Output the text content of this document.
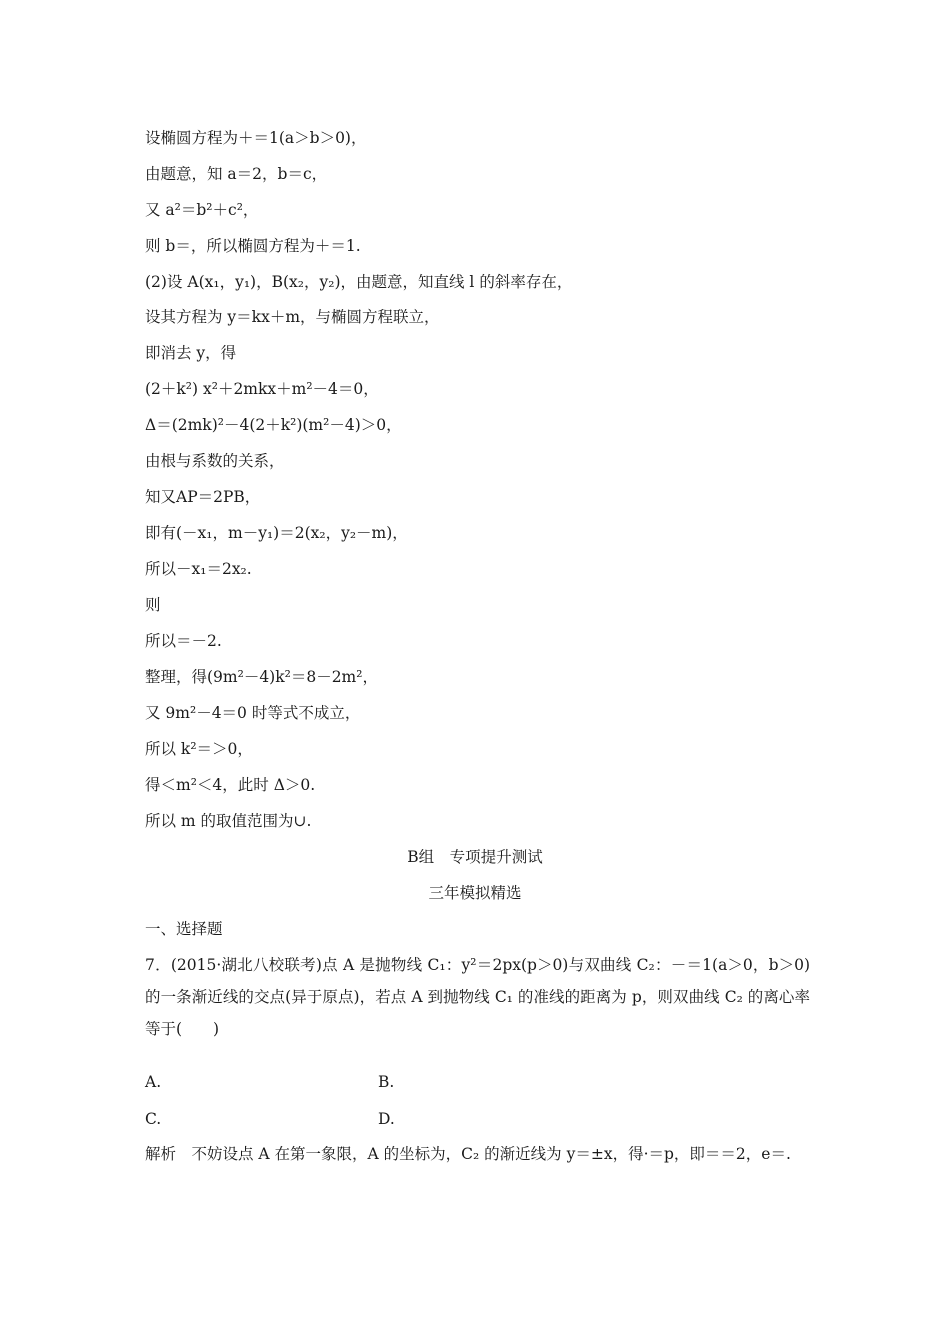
设椭圆方程为＋＝1(a＞b＞0)，
由题意，知 a＝2，b＝c，
又 a²＝b²＋c²，
则 b＝，所以椭圆方程为＋＝1.
(2)设 A(x₁，y₁)，B(x₂，y₂)，由题意，知直线 l 的斜率存在，
设其方程为 y＝kx＋m，与椭圆方程联立，
即消去 y，得
(2＋k²) x²＋2mkx＋m²－4＝0，
Δ＝(2mk)²－4(2＋k²)(m²－4)＞0，
由根与系数的关系，
知又AP＝2PB，
即有(－x₁，m－y₁)＝2(x₂，y₂－m)，
所以－x₁＝2x₂.
则
所以＝－2.
整理，得(9m²－4)k²＝8－2m²，
又 9m²－4＝0 时等式不成立，
所以 k²＝＞0，
得＜m²＜4，此时 Δ＞0.
所以 m 的取值范围为∪.
B组　专项提升测试
三年模拟精选
一、选择题
7．(2015·湖北八校联考)点 A 是抛物线 C₁：y²＝2px(p＞0)与双曲线 C₂：－＝1(a＞0，b＞0)的一条渐近线的交点(异于原点)，若点 A 到抛物线 C₁ 的准线的距离为 p，则双曲线 C₂ 的离心率等于(　　)
A.	B.
C.	D.
解析　不妨设点 A 在第一象限，A 的坐标为，C₂ 的渐近线为 y＝±x，得·＝p，即＝＝2，e＝.
